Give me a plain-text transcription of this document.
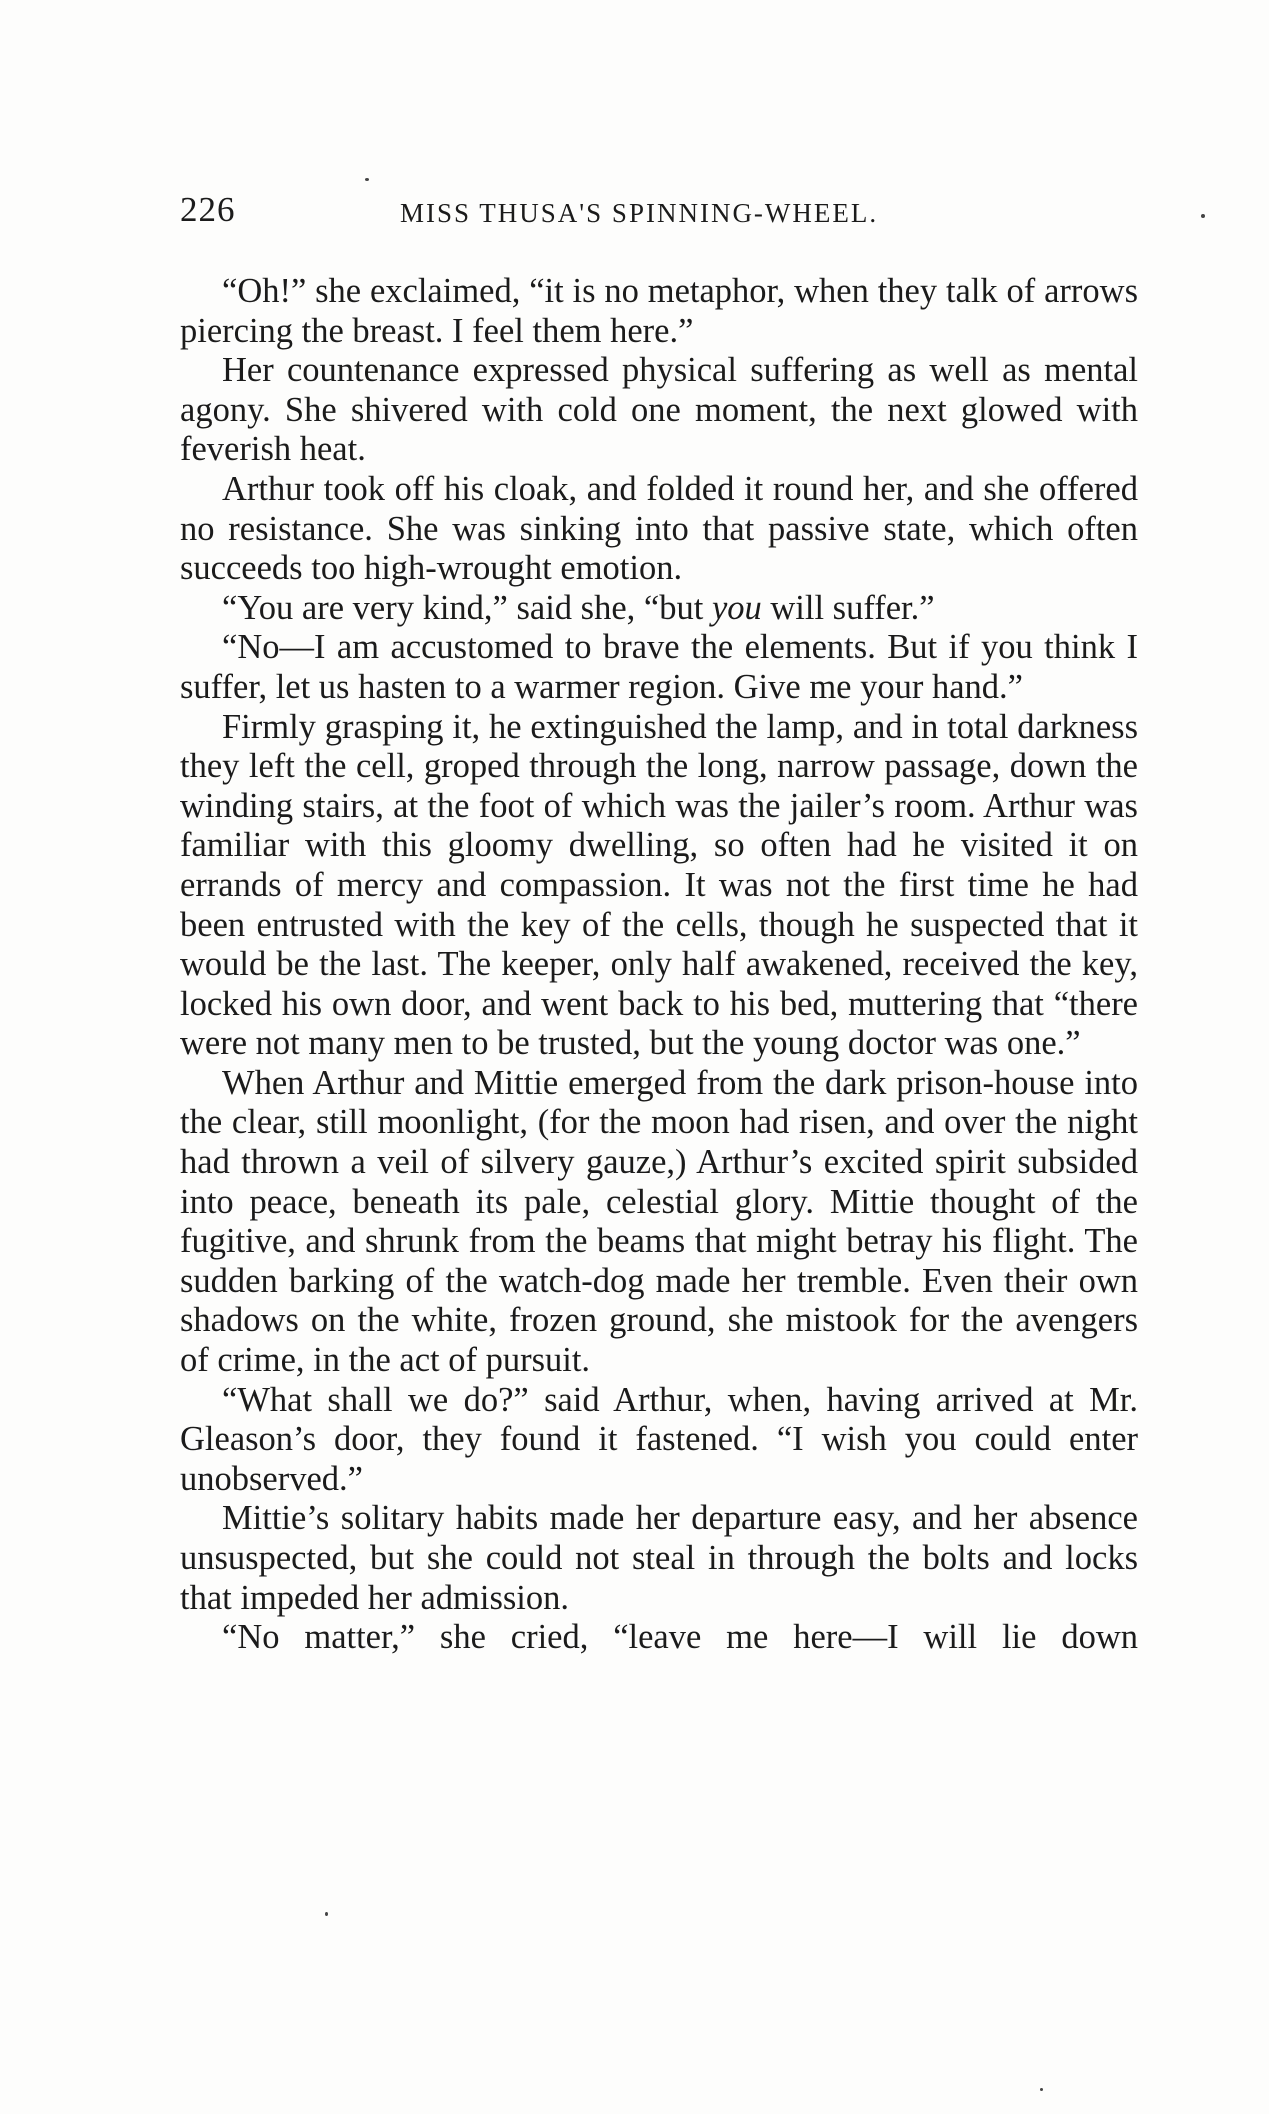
226	MISS THUSA'S SPINNING-WHEEL.

“Oh!” she exclaimed, “it is no metaphor, when they talk of arrows piercing the breast. I feel them here.”

Her countenance expressed physical suffering as well as mental agony. She shivered with cold one moment, the next glowed with feverish heat.

Arthur took off his cloak, and folded it round her, and she offered no resistance. She was sinking into that passive state, which often succeeds too high-wrought emotion.

“You are very kind,” said she, “but you will suffer.”

“No—I am accustomed to brave the elements. But if you think I suffer, let us hasten to a warmer region. Give me your hand.”

Firmly grasping it, he extinguished the lamp, and in total darkness they left the cell, groped through the long, narrow passage, down the winding stairs, at the foot of which was the jailer’s room. Arthur was familiar with this gloomy dwelling, so often had he visited it on errands of mercy and compassion. It was not the first time he had been entrusted with the key of the cells, though he suspected that it would be the last. The keeper, only half awakened, received the key, locked his own door, and went back to his bed, muttering that “there were not many men to be trusted, but the young doctor was one.”

When Arthur and Mittie emerged from the dark prison-house into the clear, still moonlight, (for the moon had risen, and over the night had thrown a veil of silvery gauze,) Arthur’s excited spirit subsided into peace, beneath its pale, celestial glory. Mittie thought of the fugitive, and shrunk from the beams that might betray his flight. The sudden barking of the watch-dog made her tremble. Even their own shadows on the white, frozen ground, she mistook for the avengers of crime, in the act of pursuit.

“What shall we do?” said Arthur, when, having arrived at Mr. Gleason’s door, they found it fastened. “I wish you could enter unobserved.”

Mittie’s solitary habits made her departure easy, and her absence unsuspected, but she could not steal in through the bolts and locks that impeded her admission.

“No matter,” she cried, “leave me here—I will lie down
